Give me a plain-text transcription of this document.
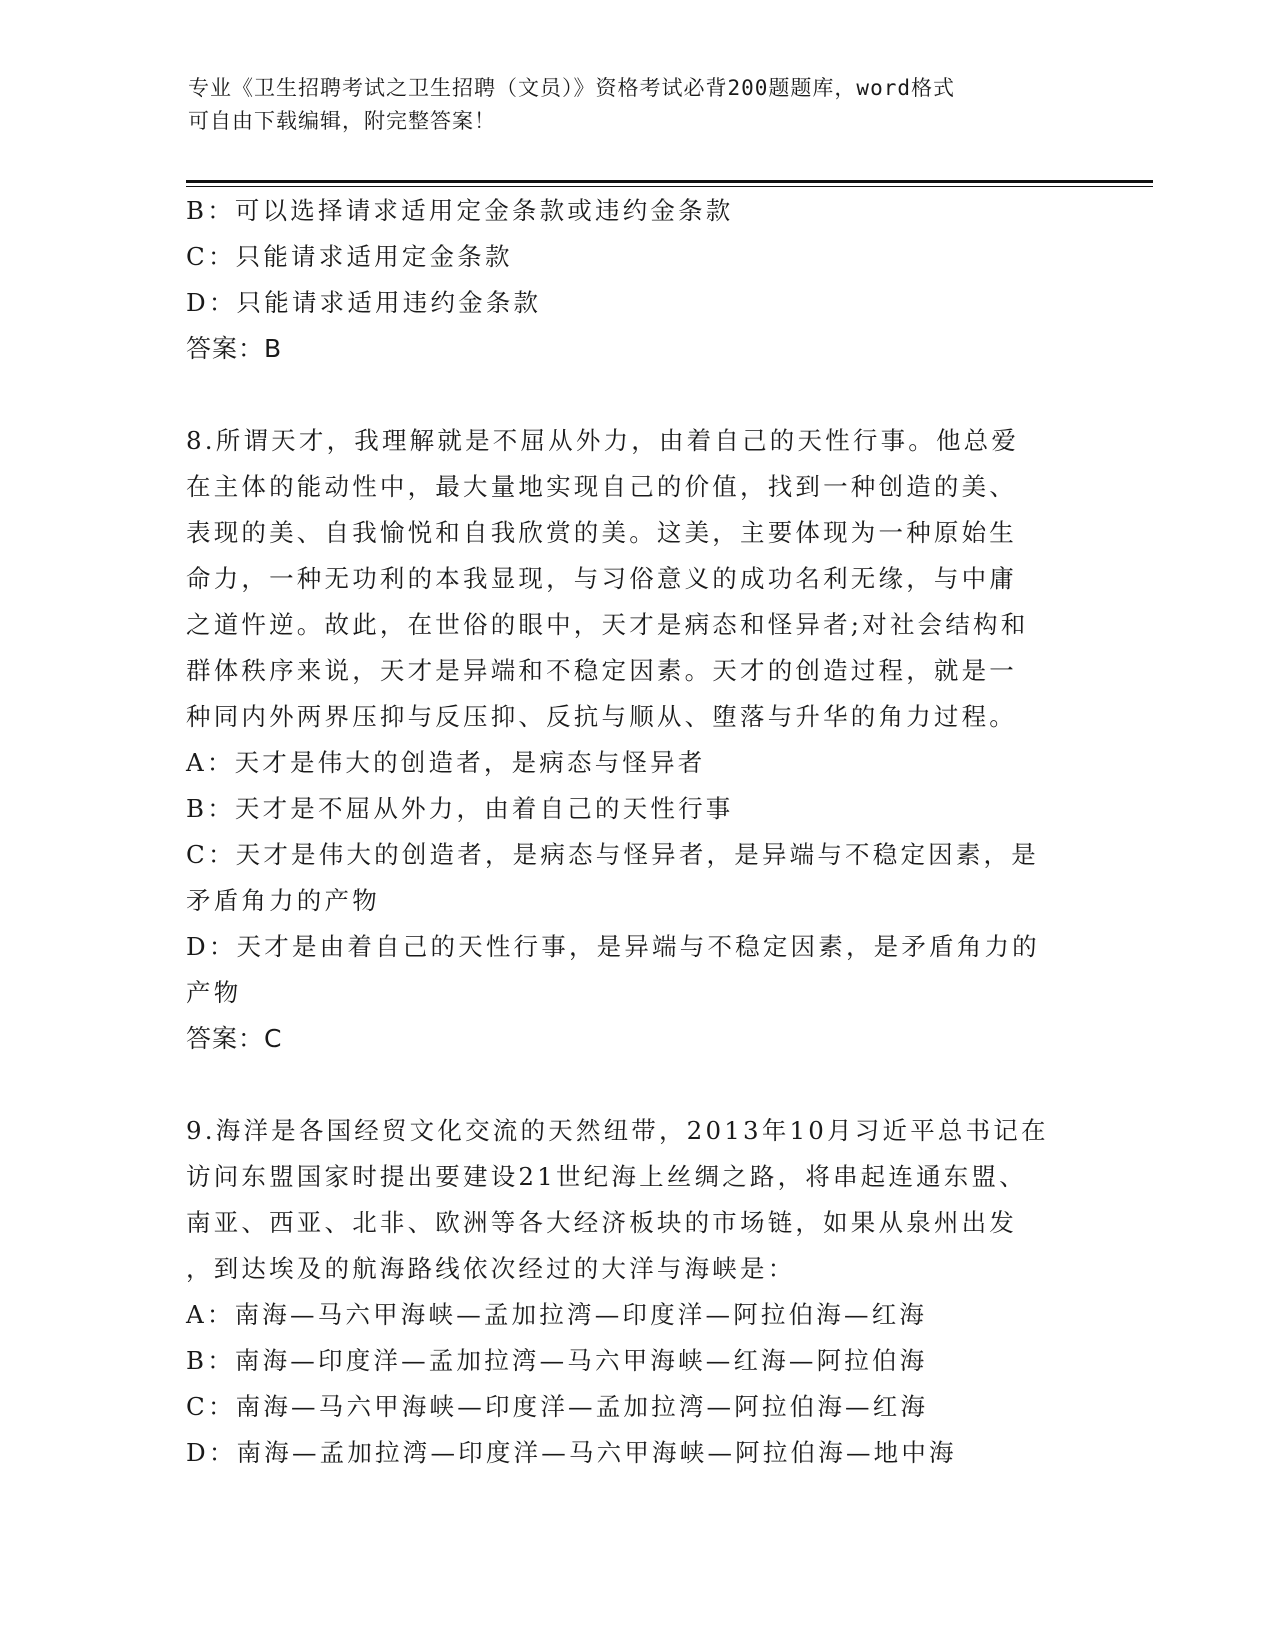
专业《卫生招聘考试之卫生招聘（文员）》资格考试必背200题题库，word格式
可自由下载编辑，附完整答案！
B：可以选择请求适用定金条款或违约金条款
C：只能请求适用定金条款
D：只能请求适用违约金条款
答案：B
8.所谓天才，我理解就是不屈从外力，由着自己的天性行事。他总爱
在主体的能动性中，最大量地实现自己的价值，找到一种创造的美、
表现的美、自我愉悦和自我欣赏的美。这美，主要体现为一种原始生
命力，一种无功利的本我显现，与习俗意义的成功名利无缘，与中庸
之道忤逆。故此，在世俗的眼中，天才是病态和怪异者;对社会结构和
群体秩序来说，天才是异端和不稳定因素。天才的创造过程，就是一
种同内外两界压抑与反压抑、反抗与顺从、堕落与升华的角力过程。
A：天才是伟大的创造者，是病态与怪异者
B：天才是不屈从外力，由着自己的天性行事
C：天才是伟大的创造者，是病态与怪异者，是异端与不稳定因素，是
矛盾角力的产物
D：天才是由着自己的天性行事，是异端与不稳定因素，是矛盾角力的
产物
答案：C
9.海洋是各国经贸文化交流的天然纽带，2013年10月习近平总书记在
访问东盟国家时提出要建设21世纪海上丝绸之路，将串起连通东盟、
南亚、西亚、北非、欧洲等各大经济板块的市场链，如果从泉州出发
，到达埃及的航海路线依次经过的大洋与海峡是：
A：南海—马六甲海峡—孟加拉湾—印度洋—阿拉伯海—红海
B：南海—印度洋—孟加拉湾—马六甲海峡—红海—阿拉伯海
C：南海—马六甲海峡—印度洋—孟加拉湾—阿拉伯海—红海
D：南海—孟加拉湾—印度洋—马六甲海峡—阿拉伯海—地中海
